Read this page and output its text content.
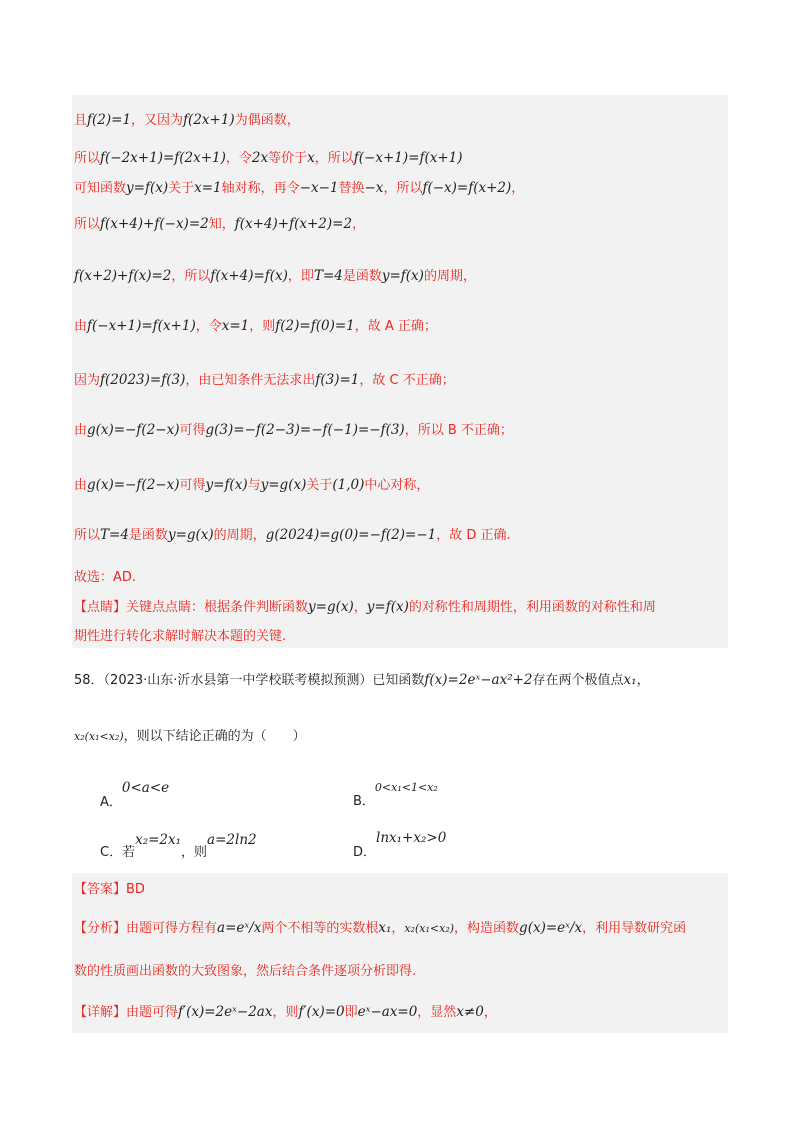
且f(2)=1，又因为f(2x+1)为偶函数，
所以f(−2x+1)=f(2x+1)，令2x等价于x，所以f(−x+1)=f(x+1)
可知函数y=f(x)关于x=1轴对称，再令−x−1替换−x，所以f(−x)=f(x+2)，
所以f(x+4)+f(−x)=2知，f(x+4)+f(x+2)=2，
f(x+2)+f(x)=2，所以f(x+4)=f(x)，即T=4是函数y=f(x)的周期，
由f(−x+1)=f(x+1)，令x=1，则f(2)=f(0)=1，故 A 正确；
因为f(2023)=f(3)，由已知条件无法求出f(3)=1，故 C 不正确；
由g(x)=−f(2−x)可得g(3)=−f(2−3)=−f(−1)=−f(3)，所以 B 不正确；
由g(x)=−f(2−x)可得y=f(x)与y=g(x)关于(1,0)中心对称，
所以T=4是函数y=g(x)的周期，g(2024)=g(0)=−f(2)=−1，故 D 正确.
故选：AD.
【点睛】关键点点睛：根据条件判断函数y=g(x)，y=f(x)的对称性和周期性，利用函数的对称性和周
期性进行转化求解时解决本题的关键.
58．（2023·山东·沂水县第一中学校联考模拟预测）已知函数f(x)=2eˣ−ax²+2存在两个极值点x₁，
x₂(x₁<x₂)，则以下结论正确的为（　　）
A．0<a<e
B．0<x₁<1<x₂
C．若x₂=2x₁，则a=2ln2
D．lnx₁+x₂>0
【答案】BD
【分析】由题可得方程有a=eˣ/x两个不相等的实数根x₁，x₂(x₁<x₂)，构造函数g(x)=eˣ/x，利用导数研究函
数的性质画出函数的大致图象，然后结合条件逐项分析即得.
【详解】由题可得f′(x)=2eˣ−2ax，则f′(x)=0即eˣ−ax=0，显然x≠0，
